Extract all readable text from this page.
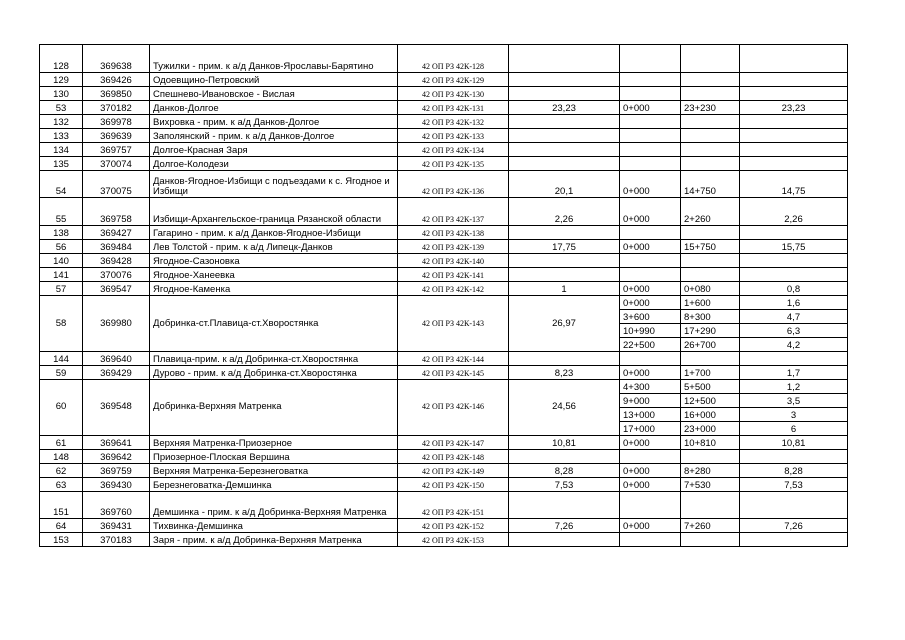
128	369638	Тужилки - прим. к а/д Данков-Ярославы-Барятино	42 ОП РЗ 42К-128				
129	369426	Одоевщино-Петровский	42 ОП РЗ 42К-129				
130	369850	Спешнево-Ивановское - Вислая	42 ОП РЗ 42К-130				
53	370182	Данков-Долгое	42 ОП РЗ 42К-131	23,23	0+000	23+230	23,23
132	369978	Вихровка - прим. к а/д Данков-Долгое	42 ОП РЗ 42К-132				
133	369639	Заполянский - прим. к а/д Данков-Долгое	42 ОП РЗ 42К-133				
134	369757	Долгое-Красная Заря	42 ОП РЗ 42К-134				
135	370074	Долгое-Колодези	42 ОП РЗ 42К-135				
54	370075	Данков-Ягодное-Избищи с подъездами к с. Ягодное и Избищи	42 ОП РЗ 42К-136	20,1	0+000	14+750	14,75
55	369758	Избищи-Архангельское-граница Рязанской области	42 ОП РЗ 42К-137	2,26	0+000	2+260	2,26
138	369427	Гагарино - прим. к а/д Данков-Ягодное-Избищи	42 ОП РЗ 42К-138				
56	369484	Лев Толстой - прим. к а/д Липецк-Данков	42 ОП РЗ 42К-139	17,75	0+000	15+750	15,75
140	369428	Ягодное-Сазоновка	42 ОП РЗ 42К-140				
141	370076	Ягодное-Ханеевка	42 ОП РЗ 42К-141				
57	369547	Ягодное-Каменка	42 ОП РЗ 42К-142	1	0+000	0+080	0,8
58	369980	Добринка-ст.Плавица-ст.Хворостянка	42 ОП РЗ 42К-143	26,97	0+000	1+600	1,6
					3+600	8+300	4,7
					10+990	17+290	6,3
					22+500	26+700	4,2
144	369640	Плавица-прим. к а/д Добринка-ст.Хворостянка	42 ОП РЗ 42К-144				
59	369429	Дурово - прим. к а/д Добринка-ст.Хворостянка	42 ОП РЗ 42К-145	8,23	0+000	1+700	1,7
60	369548	Добринка-Верхняя Матренка	42 ОП РЗ 42К-146	24,56	4+300	5+500	1,2
					9+000	12+500	3,5
					13+000	16+000	3
					17+000	23+000	6
61	369641	Верхняя Матренка-Приозерное	42 ОП РЗ 42К-147	10,81	0+000	10+810	10,81
148	369642	Приозерное-Плоская Вершина	42 ОП РЗ 42К-148				
62	369759	Верхняя Матренка-Березнеговатка	42 ОП РЗ 42К-149	8,28	0+000	8+280	8,28
63	369430	Березнеговатка-Демшинка	42 ОП РЗ 42К-150	7,53	0+000	7+530	7,53
151	369760	Демшинка - прим. к а/д Добринка-Верхняя Матренка	42 ОП РЗ 42К-151				
64	369431	Тихвинка-Демшинка	42 ОП РЗ 42К-152	7,26	0+000	7+260	7,26
153	370183	Заря - прим. к а/д Добринка-Верхняя Матренка	42 ОП РЗ 42К-153				
